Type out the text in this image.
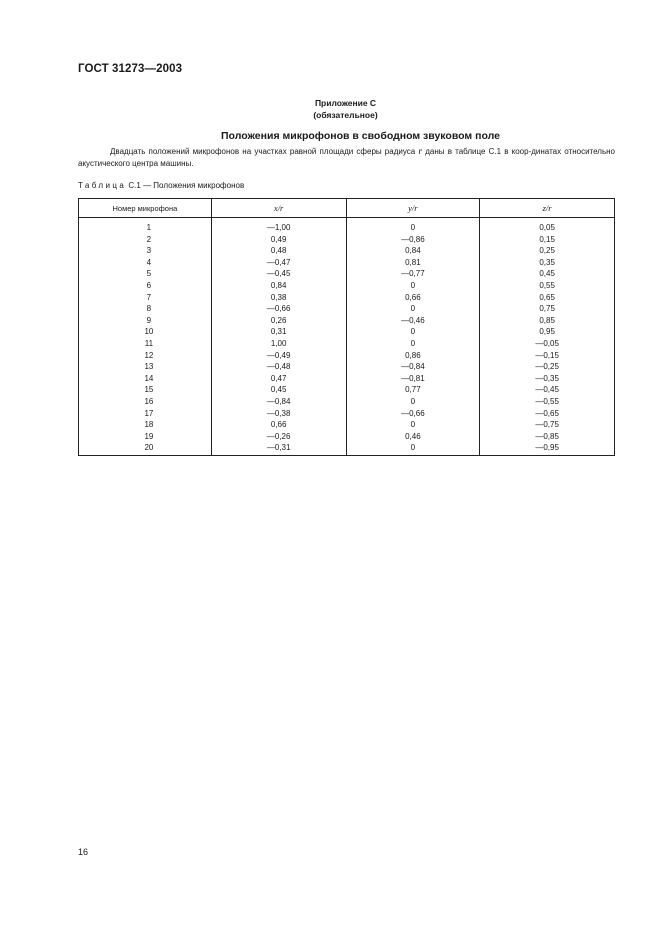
ГОСТ 31273—2003
Приложение С
(обязательное)
Положения микрофонов в свободном звуковом поле
Двадцать положений микрофонов на участках равной площади сферы радиуса r даны в таблице С.1 в коор-динатах относительно акустического центра машины.
Таблица С.1 — Положения микрофонов
Номер микрофона	x/r	y/r	z/r
1	—1,00	0	0,05
2	0,49	—0,86	0,15
3	0,48	0,84	0,25
4	—0,47	0,81	0,35
5	—0,45	—0,77	0,45
6	0,84	0	0,55
7	0,38	0,66	0,65
8	—0,66	0	0,75
9	0,26	—0,46	0,85
10	0,31	0	0,95
11	1,00	0	—0,05
12	—0,49	0,86	—0,15
13	—0,48	—0,84	—0,25
14	0,47	—0,81	—0,35
15	0,45	0,77	—0,45
16	—0,84	0	—0,55
17	—0,38	—0,66	—0,65
18	0,66	0	—0,75
19	—0,26	0,46	—0,85
20	—0,31	0	—0,95
16
